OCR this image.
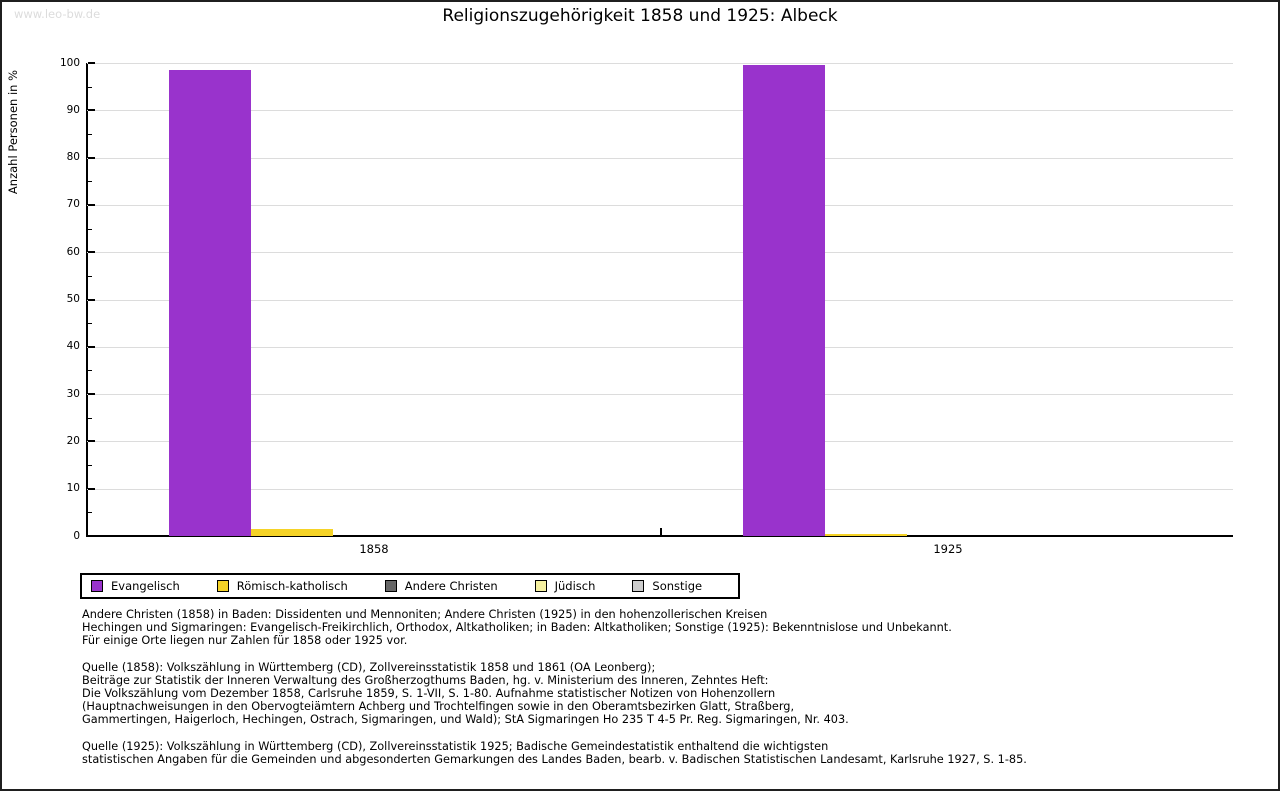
www.leo-bw.de	Religionszugehörigkeit 1858 und 1925: Albeck
Anzahl Personen in %
Evangelisch	Römisch-katholisch	Andere Christen	Jüdisch	Sonstige
Andere Christen (1858) in Baden: Dissidenten und Mennoniten; Andere Christen (1925) in den hohenzollerischen Kreisen
Hechingen und Sigmaringen: Evangelisch-Freikirchlich, Orthodox, Altkatholiken; in Baden: Altkatholiken; Sonstige (1925): Bekenntnislose und Unbekannt.
Für einige Orte liegen nur Zahlen für 1858 oder 1925 vor.
Quelle (1858): Volkszählung in Württemberg (CD), Zollvereinsstatistik 1858 und 1861 (OA Leonberg);
Beiträge zur Statistik der Inneren Verwaltung des Großherzogthums Baden, hg. v. Ministerium des Inneren, Zehntes Heft:
Die Volkszählung vom Dezember 1858, Carlsruhe 1859, S. 1-VII, S. 1-80. Aufnahme statistischer Notizen von Hohenzollern
(Hauptnachweisungen in den Obervogteiämtern Achberg und Trochtelfingen sowie in den Oberamtsbezirken Glatt, Straßberg,
Gammertingen, Haigerloch, Hechingen, Ostrach, Sigmaringen, und Wald); StA Sigmaringen Ho 235 T 4-5 Pr. Reg. Sigmaringen, Nr. 403.
Quelle (1925): Volkszählung in Württemberg (CD), Zollvereinsstatistik 1925; Badische Gemeindestatistik enthaltend die wichtigsten
statistischen Angaben für die Gemeinden und abgesonderten Gemarkungen des Landes Baden, bearb. v. Badischen Statistischen Landesamt, Karlsruhe 1927, S. 1-85.
0
10
20
30
40
50
60
70
80
90
100
1858	1925
